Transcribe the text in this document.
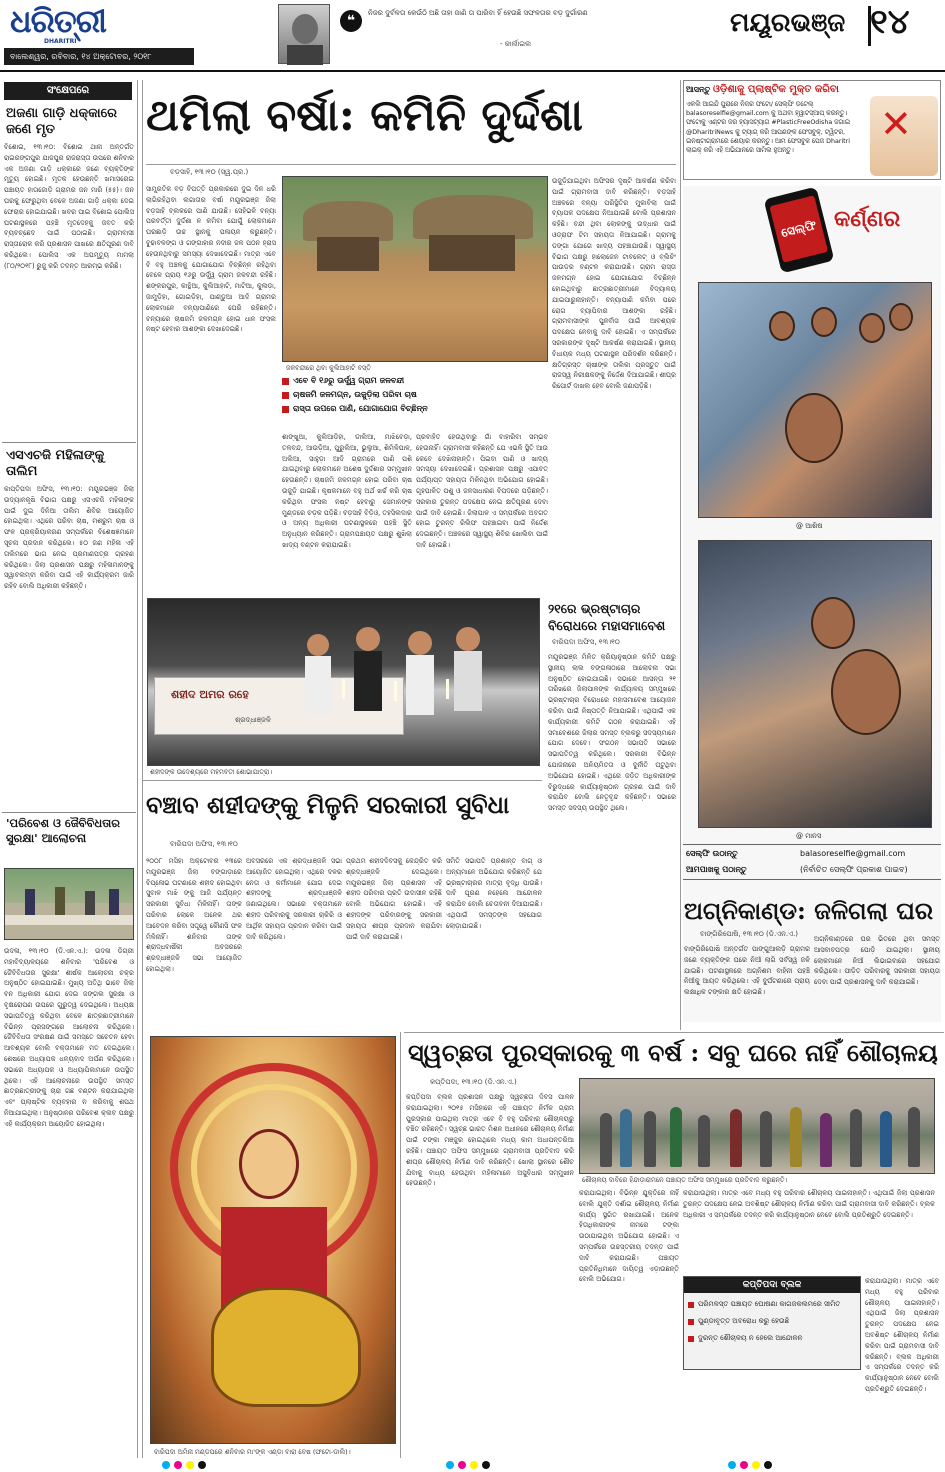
ଧରିତ୍ରୀ
DHARITRI
ବାଲେଶ୍ୱର, ରବିବାର, ୧୪ ଅକ୍ଟୋବର, ୨୦୧୮
❝	ନିଜର ଦୁର୍ବଳତା କେଉଁଠି ଅଛି ତାହା ଜାଣି ତା ପାରିବା ହିଁ ହେଉଛି ସଫଳତାର ବଡ଼ ଦୁର୍ଗାରଣ
- କାର୍ଲାଇଲ
ମୟୂରଭଞ୍ଜ ୧୪
ସଂକ୍ଷେପରେ
ଅଜଣା ଗାଡ଼ି ଧକ୍କାରେ ଜଣେ ମୃତ
ବିଶୋଇ, ୧୩।୧୦: ବିଶୋଇ ଥାନା ଅନ୍ତର୍ଗତ ରାଇରଙ୍ଗପୁର ଯାଜପୁର ରାଜରାସ୍ତା ଉପରେ ଶନିବାର ଏକ ଅଜଣା ଗାଡ଼ି ଧକ୍କାରେ ଜଣେ ବ୍ୟକ୍ତିଙ୍କ ମୃତ୍ୟୁ ହୋଇଛି। ମୃତକ ହେଉଛନ୍ତି ଖମାସରେଇ ପଞ୍ଚାୟତ ହାତାଜୋଡ଼ି ଗ୍ରାମର ଜନ ମାରି (୫୫)। ଜନ ଘରକୁ ଫେରୁଥିବା ବେଳେ ଅଜଣା ଗାଡ଼ି ଧକ୍କା ଦେଇ ଫେରାର ହୋଇଯାଇଛି। ଖବର ପାଇ ବିଶୋଇ ପୋଲିସ ଘଟଣାସ୍ଥଳରେ ପହଞ୍ଚି ମୃତଦେହକୁ ଜବତ କରି ବ୍ୟବଚ୍ଛେଦ ପାଇଁ ପଠାଇଛି। ଗ୍ରାମବାସୀ ରାସ୍ତାରୋକ କରି ପ୍ରଶାସନ ପାଖରେ କ୍ଷତିପୂରଣ ଦାବି କରିଥିଲେ। ପୋଲିସ ଏକ ଅପମୃତ୍ୟୁ ମାମଲା (୮୦/୨୦୧୮) ରୁଜୁ କରି ତଦନ୍ତ ଆରମ୍ଭ କରିଛି।
ଏସଏଚଜି ମହିଳାଙ୍କୁ ତାଲିମ
କାପ୍ତିପଦା ଅଫିସ, ୧୩।୧୦: ମୟୂରଭଞ୍ଜ ଜିଲା ଉଦ୍ୟାନକୃଷି ବିଭାଗ ପକ୍ଷରୁ ଏସଏଚଜି ମହିଳାଙ୍କ ପାଇଁ ଦୁଇ ଦିନିଆ ତାଲିମ ଶିବିର ଆୟୋଜିତ ହୋଇଥିଲା। ଏଥିରେ ପରିବା ଚାଷ, ମଶରୁମ ଚାଷ ଓ ଫଳ ପ୍ରକ୍ରିୟାକରଣ ସମ୍ପର୍କରେ ବିଶେଷଜ୍ଞମାନେ ସୂଚନା ପ୍ରଦାନ କରିଥିଲେ। ୫୦ ଜଣ ମହିଳା ଏହି ତାଲିମରେ ଭାଗ ନେଇ ପ୍ରମାଣପତ୍ର ଗ୍ରହଣ କରିଥିଲେ। ଜିଲା ପ୍ରଶାସନ ପକ୍ଷରୁ ମହିଳାମାନଙ୍କୁ ସ୍ୱାବଲମ୍ବୀ କରିବା ପାଇଁ ଏହି କାର୍ଯ୍ୟକ୍ରମ ଜାରି ରହିବ ବୋଲି ଅଧିକାରୀ କହିଛନ୍ତି।
'ପରିବେଶ ଓ ଜୈବିବିଧତାର ସୁରକ୍ଷା' ଆଲୋଚନା
ଉଦଳା, ୧୩।୧୦ (ଡି.ଏନ.ଏ.): ଉଦଳା ଡିଗ୍ରୀ ମହାବିଦ୍ୟାଳୟରେ ଶନିବାର 'ପରିବେଶ ଓ ଜୈବିବିଧତାର ସୁରକ୍ଷା' ଶୀର୍ଷକ ଆଲୋଚନା ଚକ୍ର ଅନୁଷ୍ଠିତ ହୋଇଯାଇଛି। ମୁଖ୍ୟ ଅତିଥି ଭାବେ ଜିଲା ବନ ଅଧିକାରୀ ଯୋଗ ଦେଇ ଜଙ୍ଗଲ ସୁରକ୍ଷା ଓ ବୃକ୍ଷରୋପଣ ଉପରେ ଗୁରୁତ୍ୱ ଦେଇଥିଲେ। ଅଧ୍ୟକ୍ଷ ସଭାପତିତ୍ୱ କରିଥିବା ବେଳେ ଛାତ୍ରଛାତ୍ରୀମାନେ ବିଭିନ୍ନ ପ୍ରସଙ୍ଗରେ ଆଲୋଚନା କରିଥିଲେ। ଜୈବିବିଧତା ସଂରକ୍ଷଣ ପାଇଁ ସମସ୍ତେ ସଚେତନ ହେବା ଆବଶ୍ୟକ ବୋଲି ବକ୍ତାମାନେ ମତ ଦେଇଥିଲେ। ଶେଷରେ ଅଧ୍ୟାପକ ଧନ୍ୟବାଦ ଅର୍ପଣ କରିଥିଲେ। ସଭାରେ ଅଧ୍ୟାପକ ଓ ଅଧ୍ୟାପିକାମାନେ ଉପସ୍ଥିତ ଥିଲେ। ଏହି ଆଲୋଚନାରେ ଉପସ୍ଥିତ ସମସ୍ତ ଛାତ୍ରଛାତ୍ରୀଙ୍କୁ ଚାରା ଗଛ ବଣ୍ଟନ କରାଯାଇଥିଲା ଏବଂ ପ୍ଲାଷ୍ଟିକ ବ୍ୟବହାର ନ କରିବାକୁ ଶପଥ ନିଆଯାଇଥିଲା। ଅନୁଷ୍ଠାନର ପରିବେଶ କ୍ଲବ ପକ୍ଷରୁ ଏହି କାର୍ଯ୍ୟକ୍ରମ ଆୟୋଜିତ ହୋଇଥିଲା।
ଥମିଲା ବର୍ଷା: କମିନି ଦୁର୍ଦ୍ଦଶା
ବଡ଼ସାହି, ୧୩।୧୦ (ସ୍ୱ.ପ୍ର.)
ସାମ୍ପ୍ରତିକ ବଡ଼ ବିପତ୍ତି ପ୍ରକାରରେ ଦୁଇ ଦିନ ଧରି ଲାଗିରହିଥିବା ଲଗାତାର ବର୍ଷା ମୟୂରଭଞ୍ଜ ଜିଲା ବଡ଼ସାହି ବ୍ଲକରେ ପାଣି ଯାଉଛି। ସେହିଭଳି ବନ୍ୟା ପରବର୍ତ୍ତୀ ଦୁର୍ଦ୍ଦଶା ନ କମିବା ଯୋଗୁଁ ଲୋକମାନେ ଘରଛାଡ଼ି ଉଚ୍ଚ ସ୍ଥାନକୁ ପଳାୟନ କରୁଛନ୍ତି। ବୁଢାବଳଙ୍ଗ ଓ ଗଙ୍ଗାହାର ନଦୀର ଜଳ ପଠନ ହ୍ରାସ ହେଉନଥିବାରୁ ସମସ୍ୟା ଦେଖାଦେଇଛି। ମାତ୍ର ଏବେ ବି ବହୁ ଅଞ୍ଚଳକୁ ଯୋଗାଯୋଗ ବିଚ୍ଛିନ୍ନ ରହିଥିବା ବେଳେ ପ୍ରାୟ ୧୬ରୁ ଊର୍ଦ୍ଧ୍ୱ ଗ୍ରାମ ଜଳବନ୍ଦୀ ରହିଛି। ଶଙ୍କରପୁର, କାନ୍ଥିଆ, କୁଲିଆହାଟି, ମାଟିଆ, କୁଲଡ଼ା, ଜାମୁଡ଼ିହା, ଗୋଇଡ଼ିହା, ପାଣ୍ଡୁଆ ଆଦି ଗ୍ରାମର ଲୋକମାନେ ବନ୍ୟାପାଣିରେ ଘେରି ରହିଛନ୍ତି। ବନ୍ୟାରେ ଚାଷଜମି ଜଳମଗ୍ନ ହୋଇ ଧାନ ଫସଲ ନଷ୍ଟ ହେବାର ଆଶଙ୍କା ଦେଖାଦେଇଛି।
ଜଳବନ୍ଦୀରେ ଥିବା କୁଲିଆହାଟି ବସ୍ତି
ଏବେ ବି ୧୬ରୁ ଊର୍ଦ୍ଧ୍ୱ ଗ୍ରାମ ଜଳବନ୍ଦୀ
ଚାଷଜମି ଜଳମଗ୍ନ, ଉଜୁଡ଼ିଲା ପରିବା ଚାଷ
ରାସ୍ତା ଉପରେ ପାଣି, ଯୋଗାଯୋଗ ବିଚ୍ଛିନ୍ନ
ଶାଙ୍ଖୁଆ, କୁଲିଆଡ଼ିହା, ଡାଲିଆ, ମାଝିବେଡ଼ା, ତଳବନ୍ଦ, ଆଉଡ଼ିଆ, ପୁରୁଲିଆ, ଭୁଲୁଆ, ଶିମିଳିପାଳ, ଅଲିଆ, ସାହୁଡ଼ା ଆଦି ଗ୍ରାମରେ ପାଣି ପଶି ଯାଇଥିବାରୁ ଲୋକମାନେ ଅଶେଷ ଦୁର୍ଦ୍ଦଶାର ସମ୍ମୁଖୀନ ହେଉଛନ୍ତି। ଚାଷଜମି ଜଳମଗ୍ନ ହୋଇ ପରିବା ଚାଷ ଉଜୁଡ଼ି ଯାଇଛି। କୃଷକମାନେ ବହୁ ଅର୍ଥ ଖର୍ଚ୍ଚ କରି ଚାଷ କରିଥିବା ଫସଲ ନଷ୍ଟ ହେବାରୁ ସେମାନଙ୍କ ମୁଣ୍ଡରେ ଚଡ଼କ ପଡ଼ିଛି। ବଡ଼ସାହି ବିଡ଼ିଓ, ତହସିଲଦାର ଓ ଅନ୍ୟ ଅଧିକାରୀ ଘଟଣାସ୍ଥଳରେ ପହଞ୍ଚି ସ୍ଥିତି ଅନୁଧ୍ୟାନ କରିଛନ୍ତି। ଗ୍ରାମପଞ୍ଚାୟତ ପକ୍ଷରୁ ଶୁଖିଲା ଖାଦ୍ୟ ବଣ୍ଟନ କରାଯାଇଛି।
ପ୍ରବାହିତ ହେଉଥିବାରୁ ଗାଁ ବାହାରିବା ସମ୍ଭବ ହେଉନାହିଁ। ଗ୍ରାମବାସୀ କହିଛନ୍ତି ଯେ ଏଭଳି ସ୍ଥିତି ଆଉ କେବେ ଦେଖିନାହାନ୍ତି। ପିଇବା ପାଣି ଓ ଖାଦ୍ୟ ସମସ୍ୟା ଦେଖାଦେଇଛି। ପ୍ରଶାସନ ପକ୍ଷରୁ ଏଯାବତ୍ ପର୍ଯ୍ୟାପ୍ତ ସହାୟତା ମିଳିନଥିବା ଅଭିଯୋଗ ହୋଇଛି। ଗୃହପାଳିତ ପଶୁ ଓ ଜନସାଧାରଣ ବିପଦରେ ପଡ଼ିଛନ୍ତି। ସରକାର ତୁରନ୍ତ ପଦକ୍ଷେପ ନେଇ କ୍ଷତିପୂରଣ ଦେବା ପାଇଁ ଦାବି ହୋଇଛି। ଜିଲାପାଳ ଏ ସମ୍ପର୍କରେ ଅବଗତ ହୋଇ ତୁରନ୍ତ ରିଲିଫ ପହଞ୍ଚାଇବା ପାଇଁ ନିର୍ଦ୍ଦେଶ ଦେଇଛନ୍ତି। ଅଞ୍ଚଳରେ ସ୍ୱାସ୍ଥ୍ୟ ଶିବିର ଖୋଲିବା ପାଇଁ ଦାବି ହୋଇଛି।
ଉଜୁଡ଼ିଯାଇଥିବା ଅଫିସର ଦୃଷ୍ଟି ଆକର୍ଷଣ କରିବା ପାଇଁ ଗ୍ରାମବାସୀ ଦାବି କରିଛନ୍ତି। ବଡ଼ସାହି ଅଞ୍ଚଳରେ ବନ୍ୟା ପରିସ୍ଥିତିର ମୁକାବିଲା ପାଇଁ ବ୍ୟାପକ ପଦକ୍ଷେପ ନିଆଯାଇଛି ବୋଲି ପ୍ରଶାସନ କହିଛି। ବନ୍ଦୀ ଥିବା ଲୋକଙ୍କୁ ଉଦ୍ଧାର ପାଇଁ ଓଡ୍ରାଫ ଟିମ ସହାୟତା ନିଆଯାଇଛି। ଗ୍ରାମକୁ ଡଙ୍ଗା ଯୋଗେ ଖାଦ୍ୟ ପହଞ୍ଚାଯାଉଛି। ସ୍ୱାସ୍ଥ୍ୟ ବିଭାଗ ପକ୍ଷରୁ ହାଲୋଜେନ ଟାବଲେଟ୍ ଓ ବ୍ଲିଚିଂ ପାଉଡ଼ର ବଣ୍ଟନ କରାଯାଉଛି। ଗ୍ରାମ ରାସ୍ତା ଜଳମଗ୍ନ ହୋଇ ଯୋଗାଯୋଗ ବିଚ୍ଛିନ୍ନ ହୋଇଥିବାରୁ ଛାତ୍ରଛାତ୍ରୀମାନେ ବିଦ୍ୟାଳୟ ଯାଇପାରୁନାହାନ୍ତି। ବନ୍ୟାପାଣି କମିବା ପରେ ରୋଗ ବ୍ୟାପିବାର ଆଶଙ୍କା ରହିଛି। ଗ୍ରାମବାସୀଙ୍କ ପୁନର୍ବାସ ପାଇଁ ଆବଶ୍ୟକ ପଦକ୍ଷେପ ନେବାକୁ ଦାବି ହୋଇଛି। ଏ ସମ୍ପର୍କରେ ସରକାରଙ୍କ ଦୃଷ୍ଟି ଆକର୍ଷଣ କରାଯାଇଛି। ସ୍ଥାନୀୟ ବିଧାୟକ ମଧ୍ୟ ଘଟଣାସ୍ଥଳ ପରିଦର୍ଶନ କରିଛନ୍ତି। କ୍ଷତିଗ୍ରସ୍ତ ଚାଷୀଙ୍କ ତାଲିକା ପ୍ରସ୍ତୁତ ପାଇଁ ରାଜସ୍ୱ ନିରୀକ୍ଷକଙ୍କୁ ନିର୍ଦ୍ଦେଶ ଦିଆଯାଇଛି। ଶୀଘ୍ର ରିପୋର୍ଟ ଦାଖଲ ହେବ ବୋଲି ଜଣାପଡ଼ିଛି।
ଶହୀଦ ଅମର ରହେ
ଶ୍ରଦ୍ଧାଞ୍ଜଳି
ଶହୀଦଙ୍କ ଉଦେଶ୍ୟରେ ମହମବତୀ ଶୋଭାଯାତ୍ରା।
୨୧ରେ ଭ୍ରଷ୍ଟାଚାର ବିରୋଧରେ ମହାସମାବେଶ
ବାରିପଦା ଅଫିସ, ୧୩।୧୦
ମୟୂରଭଞ୍ଜ ମିଳିତ କ୍ରିୟାନୁଷ୍ଠାନ କମିଟି ପକ୍ଷରୁ ସ୍ଥାନୀୟ ଲାଲ ବଙ୍ଗଳାଠାରେ ଆଲୋଚନା ସଭା ଅନୁଷ୍ଠିତ ହୋଇଯାଇଛି। ସଭାରେ ଆସନ୍ତା ୨୧ ତାରିଖରେ ଜିଲାପାଳଙ୍କ କାର୍ଯ୍ୟାଳୟ ସମ୍ମୁଖରେ ଭ୍ରଷ୍ଟାଚାର ବିରୋଧରେ ମହାସମାବେଶ ଆୟୋଜନ କରିବା ପାଇଁ ନିଷ୍ପତ୍ତି ନିଆଯାଇଛି। ଏଥିପାଇଁ ଏକ କାର୍ଯ୍ୟକାରୀ କମିଟି ଗଠନ କରାଯାଇଛି। ଏହି ସମାବେଶରେ ଜିଲାର ସମସ୍ତ ବ୍ଲକରୁ ସଦସ୍ୟମାନେ ଯୋଗ ଦେବେ। ସଂଗଠନ ସଭାପତି ସଭାରେ ସଭାପତିତ୍ୱ କରିଥିଲେ। ସରକାରୀ ବିଭିନ୍ନ ଯୋଜନାରେ ଅନିୟମିତତା ଓ ଦୁର୍ନୀତି ଘଟୁଥିବା ଅଭିଯୋଗ ହୋଇଛି। ଏଥିରେ ଜଡ଼ିତ ଅଧିକାରୀଙ୍କ ବିରୁଦ୍ଧରେ କାର୍ଯ୍ୟାନୁଷ୍ଠାନ ଗ୍ରହଣ ପାଇଁ ଦାବି କରାଯିବ ବୋଲି ନେତୃବୃନ୍ଦ କହିଛନ୍ତି। ସଭାରେ ସମସ୍ତ ସଦସ୍ୟ ଉପସ୍ଥିତ ଥିଲେ।
ବଞ୍ଚାବ ଶହୀଦଙ୍କୁ ମିଳୁନି ସରକାରୀ ସୁବିଧା
ବାରିପଦା ଅଫିସ, ୧୩।୧୦
୨୦୦୮ ମସିହା ଅକ୍ଟୋବର ୧୩ରେ ମୟୂରଭଞ୍ଜ ଜିଲା ବଙ୍ଗାଡ଼ାରେ ବିପ୍ଳୋଭ ଘଟଣାରେ ଶହୀଦ ହୋଇଥିବା ସୁବାଳ ମାଝି ଙ୍କୁ ଆଜି ପର୍ଯ୍ୟନ୍ତ ସରକାରୀ ସୁବିଧା ମିଳିନାହିଁ। ତାଙ୍କ ପରିବାର ଲୋକେ ଅନେକ ଥର ଆବେଦନ କରିବା ସତ୍ତ୍ୱେ କୌଣସି ଫଳ ମିଳିନାହିଁ। ଶନିବାର ତାଙ୍କ ଶ୍ରାଦ୍ଧବାର୍ଷିକୀ ଅବସରରେ ଶ୍ରଦ୍ଧାଞ୍ଜଳି ସଭା ଆୟୋଜିତ ହୋଇଥିଲା।
ଅବସରରେ ଏକ ଶ୍ରଦ୍ଧାଞ୍ଜଳି ସଭା ଆୟୋଜିତ ହୋଇଥିଲା। ଏଥିରେ ଦଳର ନେତା ଓ କର୍ମୀମାନେ ଯୋଗ ଦେଇ ଶହୀଦଙ୍କୁ ଶ୍ରଦ୍ଧାଞ୍ଜଳି ଜଣାଇଥିଲେ। ସଭାରେ ବକ୍ତାମାନେ ଶହୀଦ ପରିବାରକୁ ସରକାରୀ ଚାକିରି ଓ ଆର୍ଥିକ ସହାୟତା ପ୍ରଦାନ କରିବା ପାଇଁ ଦାବି କରିଥିଲେ।
ପ୍ରଥମ ଶହୀଦଦିବସକୁ କେନ୍ଦ୍ରିତ କରି ଶ୍ରଦ୍ଧାଞ୍ଜଳି ଦେଇଥିଲେ। ମୟୂରଭଞ୍ଜ ଜିଲା ପ୍ରଶାସନ ଏହି ଶହୀଦ ପରିବାର ପ୍ରତି ଉଦାସୀନ ରହିଛି ବୋଲି ଅଭିଯୋଗ ହୋଇଛି। ଏହି ଶହୀଦଙ୍କ ପରିବାରଙ୍କୁ ସରକାରୀ ସହାୟତା ଶୀଘ୍ର ପ୍ରଦାନ କରାଯିବା ପାଇଁ ଦାବି କରାଯାଇଛି।
ସମିତି ସଭାପତି ପ୍ରଶାନ୍ତ ବାଗ୍ ଓ ଅନ୍ୟମାନେ ଅଭିଯୋଗ କରିଛନ୍ତି ଯେ ଭ୍ରଷ୍ଟାଚାରର ମାତ୍ରା ବୃଦ୍ଧି ପାଉଛି। ଦାବି ପୂରଣ ନହେଲେ ଆନ୍ଦୋଳନ କରାଯିବ ବୋଲି ଚେତାବନୀ ଦିଆଯାଇଛି। ଏଥିପାଇଁ ସମସ୍ତଙ୍କ ସହଯୋଗ ଲୋଡ଼ାଯାଇଛି।
ବାରିପଦା ଅମିନା ମଣ୍ଡପରେ ଶନିବାର ମା'ଙ୍କ ଏଣ୍ଡା ବାରା ବେଷ (ଫଟୋ-ଡାଲି)।
ଆସନ୍ତୁ ଓଡ଼ିଶାକୁ ପ୍ଲାଷ୍ଟିକ ମୁକ୍ତ କରିବା
ଏକଲି ଆଇନ୍ଦି ପୁରାରେ ନିଜର ଫଟୋ/ ସେଲ୍ଫି ଡଟେଲ୍ balasoreselfie@gmail.com କୁ ଅଥବା ହ୍ୱାଟସ୍ଆପ୍ କରନ୍ତୁ। ଫଟୋକୁ ଏଣ୍ଟର ଜର ହ୍ୟାସଟ୍ୟାଗ #PlasticFreeOdisha ଜଗାଇ @DharitriNews କୁ ଟ୍ୟାଗ୍ କରି ଆପଣଙ୍କ ଫେସବୁକ୍, ଟ୍ୱିଟର, ଇନଷ୍ଟାଗ୍ରାମରେ ଶେୟାର କରନ୍ତୁ। ଆମ ଫେସବୁକ ପେଜ Dharitri ଲାଇକ୍ କରି ଏହି ଅଭିଯାନରେ ସାମିଲ ହୁଅନ୍ତୁ।
✕
ସେଲ୍ଫି କର୍ଣ୍ଣର
@ ଆଶିଷ
@ ମାନସ
ସେଲ୍ଫି ଉଠାନ୍ତୁ
ଆମପାଖକୁ ପଠାନ୍ତୁ
balasoreselfie@gmail.com
(ନିର୍ବାଚିତ ସେଲ୍ଫି ପ୍ରକାଶ ପାଇବ)
ଅଗ୍ନିକାଣ୍ଡ: ଜଳିଗଲା ଘର
ବାଙ୍ଗିରିପୋଷି, ୧୩।୧୦ (ଡି.ଏନ.ଏ.)
ବାଙ୍ଗିରିପୋଷି ଅନ୍ତର୍ଗତ ପାଙ୍ଗୁଆଲଡ଼ି ଗ୍ରାମର ଜଣେ ବ୍ୟକ୍ତିଙ୍କ ଘରେ ନିଆଁ ଲାଗି ସର୍ବସ୍ୱ ଜଳି ଯାଇଛି। ଘଟଣାସ୍ଥଳରେ ଅଗ୍ନିଶମ ବାହିନୀ ପହଞ୍ଚି ନିଆଁକୁ ଆୟତ କରିଥିଲେ। ଏହି ଦୁର୍ଘଟଣାରେ ପ୍ରାୟ ଲକ୍ଷାଧିକ ଟଙ୍କାର କ୍ଷତି ହୋଇଛି।
ଅଗ୍ନିକାଣ୍ଡରେ ଘର ଭିତରେ ଥିବା ସମସ୍ତ ଆସବାବପତ୍ର ପୋଡ଼ି ଯାଇଥିଲା। ସ୍ଥାନୀୟ ଲୋକମାନେ ନିଆଁ ଲିଭାଇବାରେ ସହଯୋଗ କରିଥିଲେ। ପୀଡ଼ିତ ପରିବାରକୁ ସରକାରୀ ସହାୟତା ଦେବା ପାଇଁ ପ୍ରଶାସନକୁ ଦାବି କରାଯାଇଛି।
ସ୍ୱଚ୍ଛତା ପୁରସ୍କାରକୁ ୩ ବର୍ଷ : ସବୁ ଘରେ ନାହିଁ ଶୌଚାଳୟ
କପ୍ତିପଦା, ୧୩।୧୦ (ଡି.ଏନ.ଏ.)
କପ୍ତିପଦା ବ୍ଲକ ପ୍ରଶାସନ ପକ୍ଷରୁ ସ୍ୱଚ୍ଛତା ଦିବସ ପାଳନ କରାଯାଇଥିଲା। ୨୦୧୫ ମସିହାରେ ଏହି ପଞ୍ଚାୟତ ନିର୍ମଳ ଗ୍ରାମ ପୁରସ୍କାର ପାଇଥିଲା ମାତ୍ର ଏବେ ବି ବହୁ ପରିବାର ଶୌଚାଳୟରୁ ବଞ୍ଚିତ ରହିଛନ୍ତି। ସ୍ୱଚ୍ଛ ଭାରତ ମିଶନ ଅଧୀନରେ ଶୌଚାଳୟ ନିର୍ମାଣ ପାଇଁ ଟଙ୍କା ମଞ୍ଜୁର ହୋଇଥିଲେ ମଧ୍ୟ କାମ ଅଧାପନ୍ତରିଆ ରହିଛି। ପଞ୍ଚାୟତ ଅଫିସ ସମ୍ମୁଖରେ ଗ୍ରାମବାସୀ ପ୍ରତିବାଦ କରି ଶୀଘ୍ର ଶୌଚାଳୟ ନିର୍ମାଣ ଦାବି କରିଛନ୍ତି। ଖୋଲା ସ୍ଥାନରେ ଶୌଚ ଯିବାକୁ ବାଧ୍ୟ ହେଉଥିବା ମହିଳାମାନେ ଅସୁବିଧାର ସମ୍ମୁଖୀନ ହେଉଛନ୍ତି।	ଶୌଚାଳୟ ଦାବିରେ ହିନ୍ଦାଡ଼ାରାମନେ ପଞ୍ଚାୟତ ଅଫିସ ସମ୍ମୁଖରେ ପ୍ରତିବାଦ କରୁଛନ୍ତି।
କରାଯାଇଥିଲା। ବିଭିନ୍ନ ଯୁକ୍ତିରେ ନାହିଁ ବୋଲି ଯୁକ୍ତି ଦର୍ଶାଇ ଶୌଚାଳୟ ନିର୍ମାଣ କାର୍ଯ୍ୟ ସ୍ଥଗିତ ରଖାଯାଇଛି। ଅନେକ ହିତାଧିକାରୀଙ୍କ ନାମରେ ଟଙ୍କା ଉଠାଯାଇଥିବା ଅଭିଯୋଗ ହୋଇଛି। ଏ ସମ୍ପର୍କରେ ଉଚ୍ଚସ୍ତରୀୟ ତଦନ୍ତ ପାଇଁ ଦାବି କରାଯାଇଛି। ପଞ୍ଚାୟତ ପ୍ରତିନିଧିମାନେ ଦାୟିତ୍ୱ ଏଡ଼ାଉଛନ୍ତି ବୋଲି ଅଭିଯୋଗ।
କରାଯାଉଥିଲା। ମାତ୍ର ଏବେ ମଧ୍ୟ ବହୁ ପରିବାର ଶୌଚାଳୟ ପାଇନାହାନ୍ତି। ଏଥିପାଇଁ ଜିଲା ପ୍ରଶାସନ ତୁରନ୍ତ ପଦକ୍ଷେପ ନେଇ ଅବଶିଷ୍ଟ ଶୌଚାଳୟ ନିର୍ମାଣ କରିବା ପାଇଁ ଗ୍ରାମବାସୀ ଦାବି କରିଛନ୍ତି। ବ୍ଲକ ଅଧିକାରୀ ଏ ସମ୍ପର୍କରେ ତଦନ୍ତ କରି କାର୍ଯ୍ୟାନୁଷ୍ଠାନ ନେବେ ବୋଲି ପ୍ରତିଶ୍ରୁତି ଦେଇଛନ୍ତି।
କପ୍ତିପଦା ବ୍ଲକ
ପରିମଳସ୍ତ ପଞ୍ଚାୟତ ଘୋଷଣା କାଗଜକଲମରେ ସୀମିତ
ପୁଣ୍ଡାବୃତ୍ତ ଅବରୋଧ କରୁ ହେଉଛି
ଦୁରନ୍ତ ଶୌଚାଳୟ ନ ହେଲେ ଆନ୍ଦୋଳନ
କରାଯାଉଥିଲା। ମାତ୍ର ଏବେ ମଧ୍ୟ ବହୁ ପରିବାର ଶୌଚାଳୟ ପାଇନାହାନ୍ତି। ଏଥିପାଇଁ ଜିଲା ପ୍ରଶାସନ ତୁରନ୍ତ ପଦକ୍ଷେପ ନେଇ ଅବଶିଷ୍ଟ ଶୌଚାଳୟ ନିର୍ମାଣ କରିବା ପାଇଁ ଗ୍ରାମବାସୀ ଦାବି କରିଛନ୍ତି। ବ୍ଲକ ଅଧିକାରୀ ଏ ସମ୍ପର୍କରେ ତଦନ୍ତ କରି କାର୍ଯ୍ୟାନୁଷ୍ଠାନ ନେବେ ବୋଲି ପ୍ରତିଶ୍ରୁତି ଦେଇଛନ୍ତି।
